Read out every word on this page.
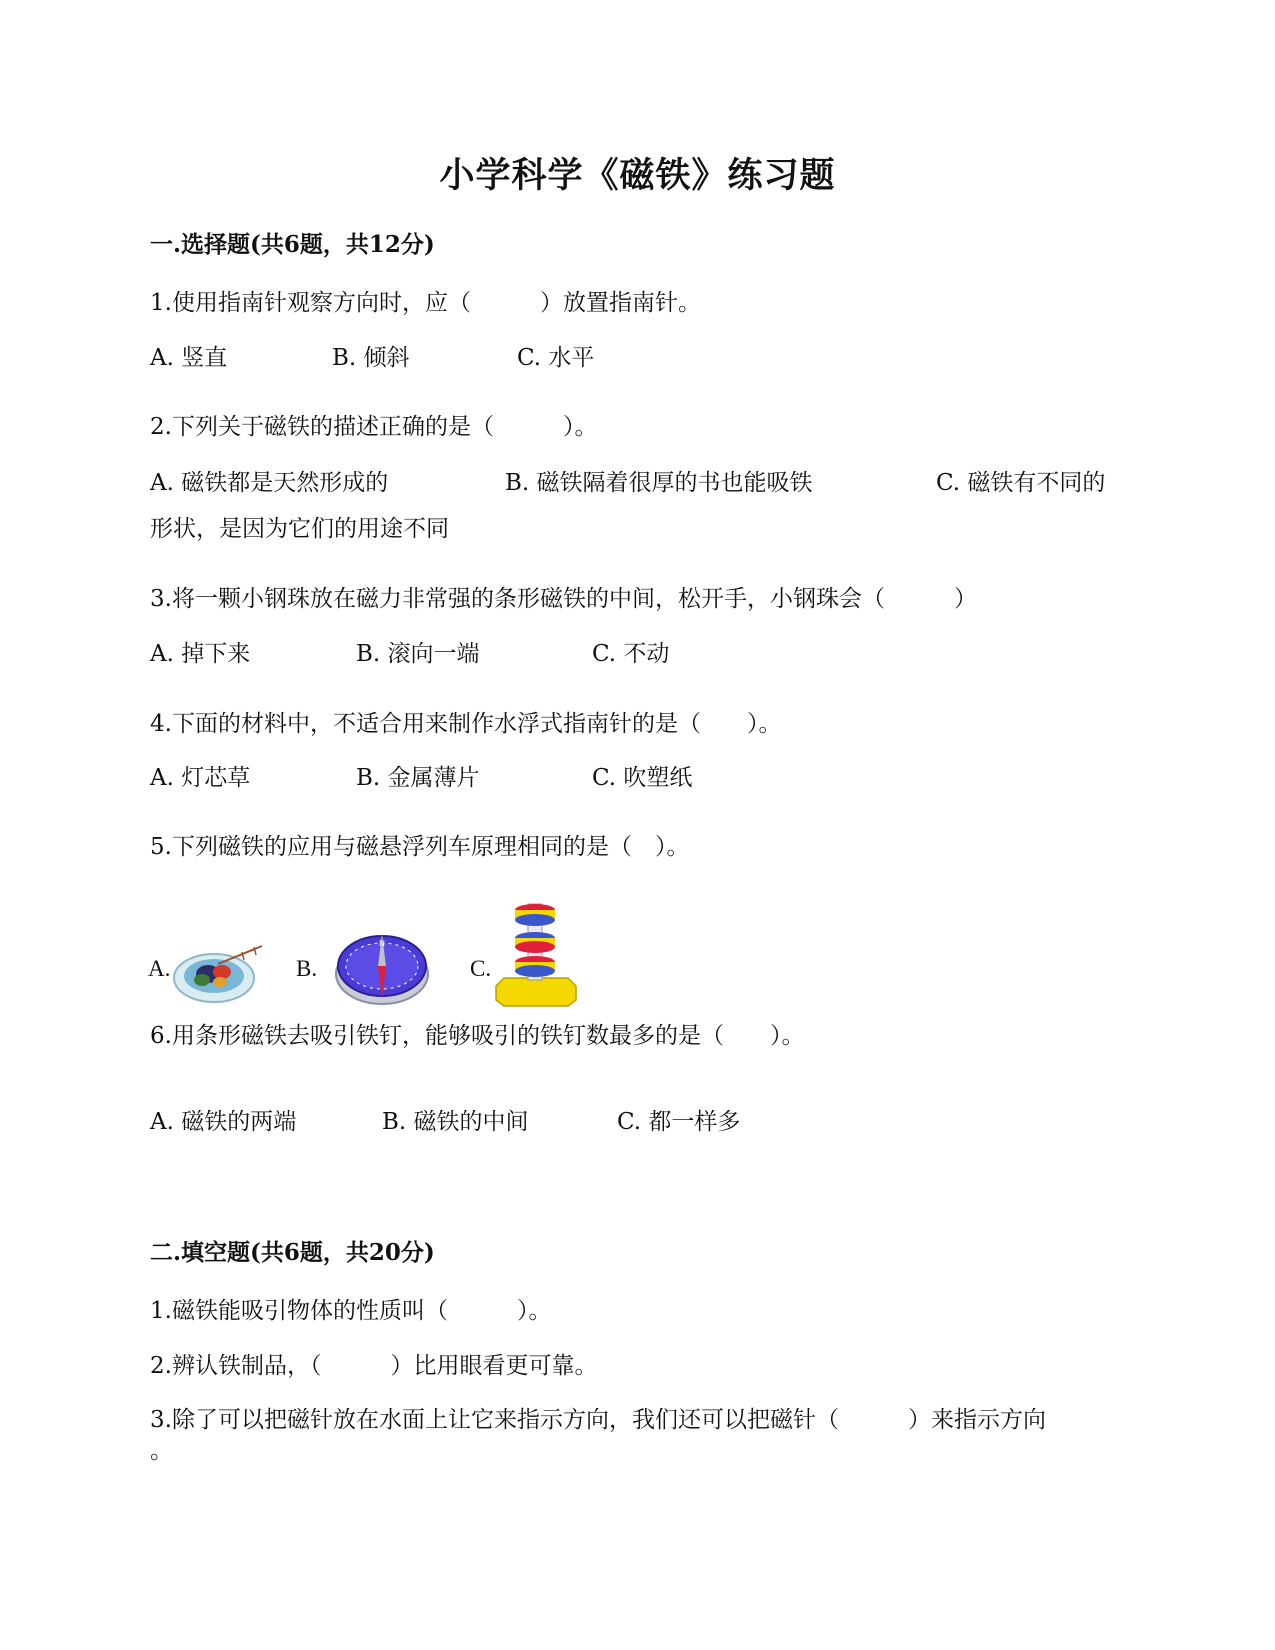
小学科学《磁铁》练习题
一.选择题(共6题，共12分)
1.使用指南针观察方向时，应（　　　）放置指南针。
A. 竖直	B. 倾斜	C. 水平
2.下列关于磁铁的描述正确的是（　　　）。
A. 磁铁都是天然形成的	B. 磁铁隔着很厚的书也能吸铁	C. 磁铁有不同的
形状，是因为它们的用途不同
3.将一颗小钢珠放在磁力非常强的条形磁铁的中间，松开手，小钢珠会（　　　）
A. 掉下来	B. 滚向一端	C. 不动
4.下面的材料中，不适合用来制作水浮式指南针的是（　　）。
A. 灯芯草	B. 金属薄片	C. 吹塑纸
5.下列磁铁的应用与磁悬浮列车原理相同的是（　）。
A.	B.
N
C.
6.用条形磁铁去吸引铁钉，能够吸引的铁钉数最多的是（　　）。
A. 磁铁的两端	B. 磁铁的中间	C. 都一样多
二.填空题(共6题，共20分)
1.磁铁能吸引物体的性质叫（　　　）。
2.辨认铁制品，（　　　）比用眼看更可靠。
3.除了可以把磁针放在水面上让它来指示方向，我们还可以把磁针（　　　）来指示方向
。
